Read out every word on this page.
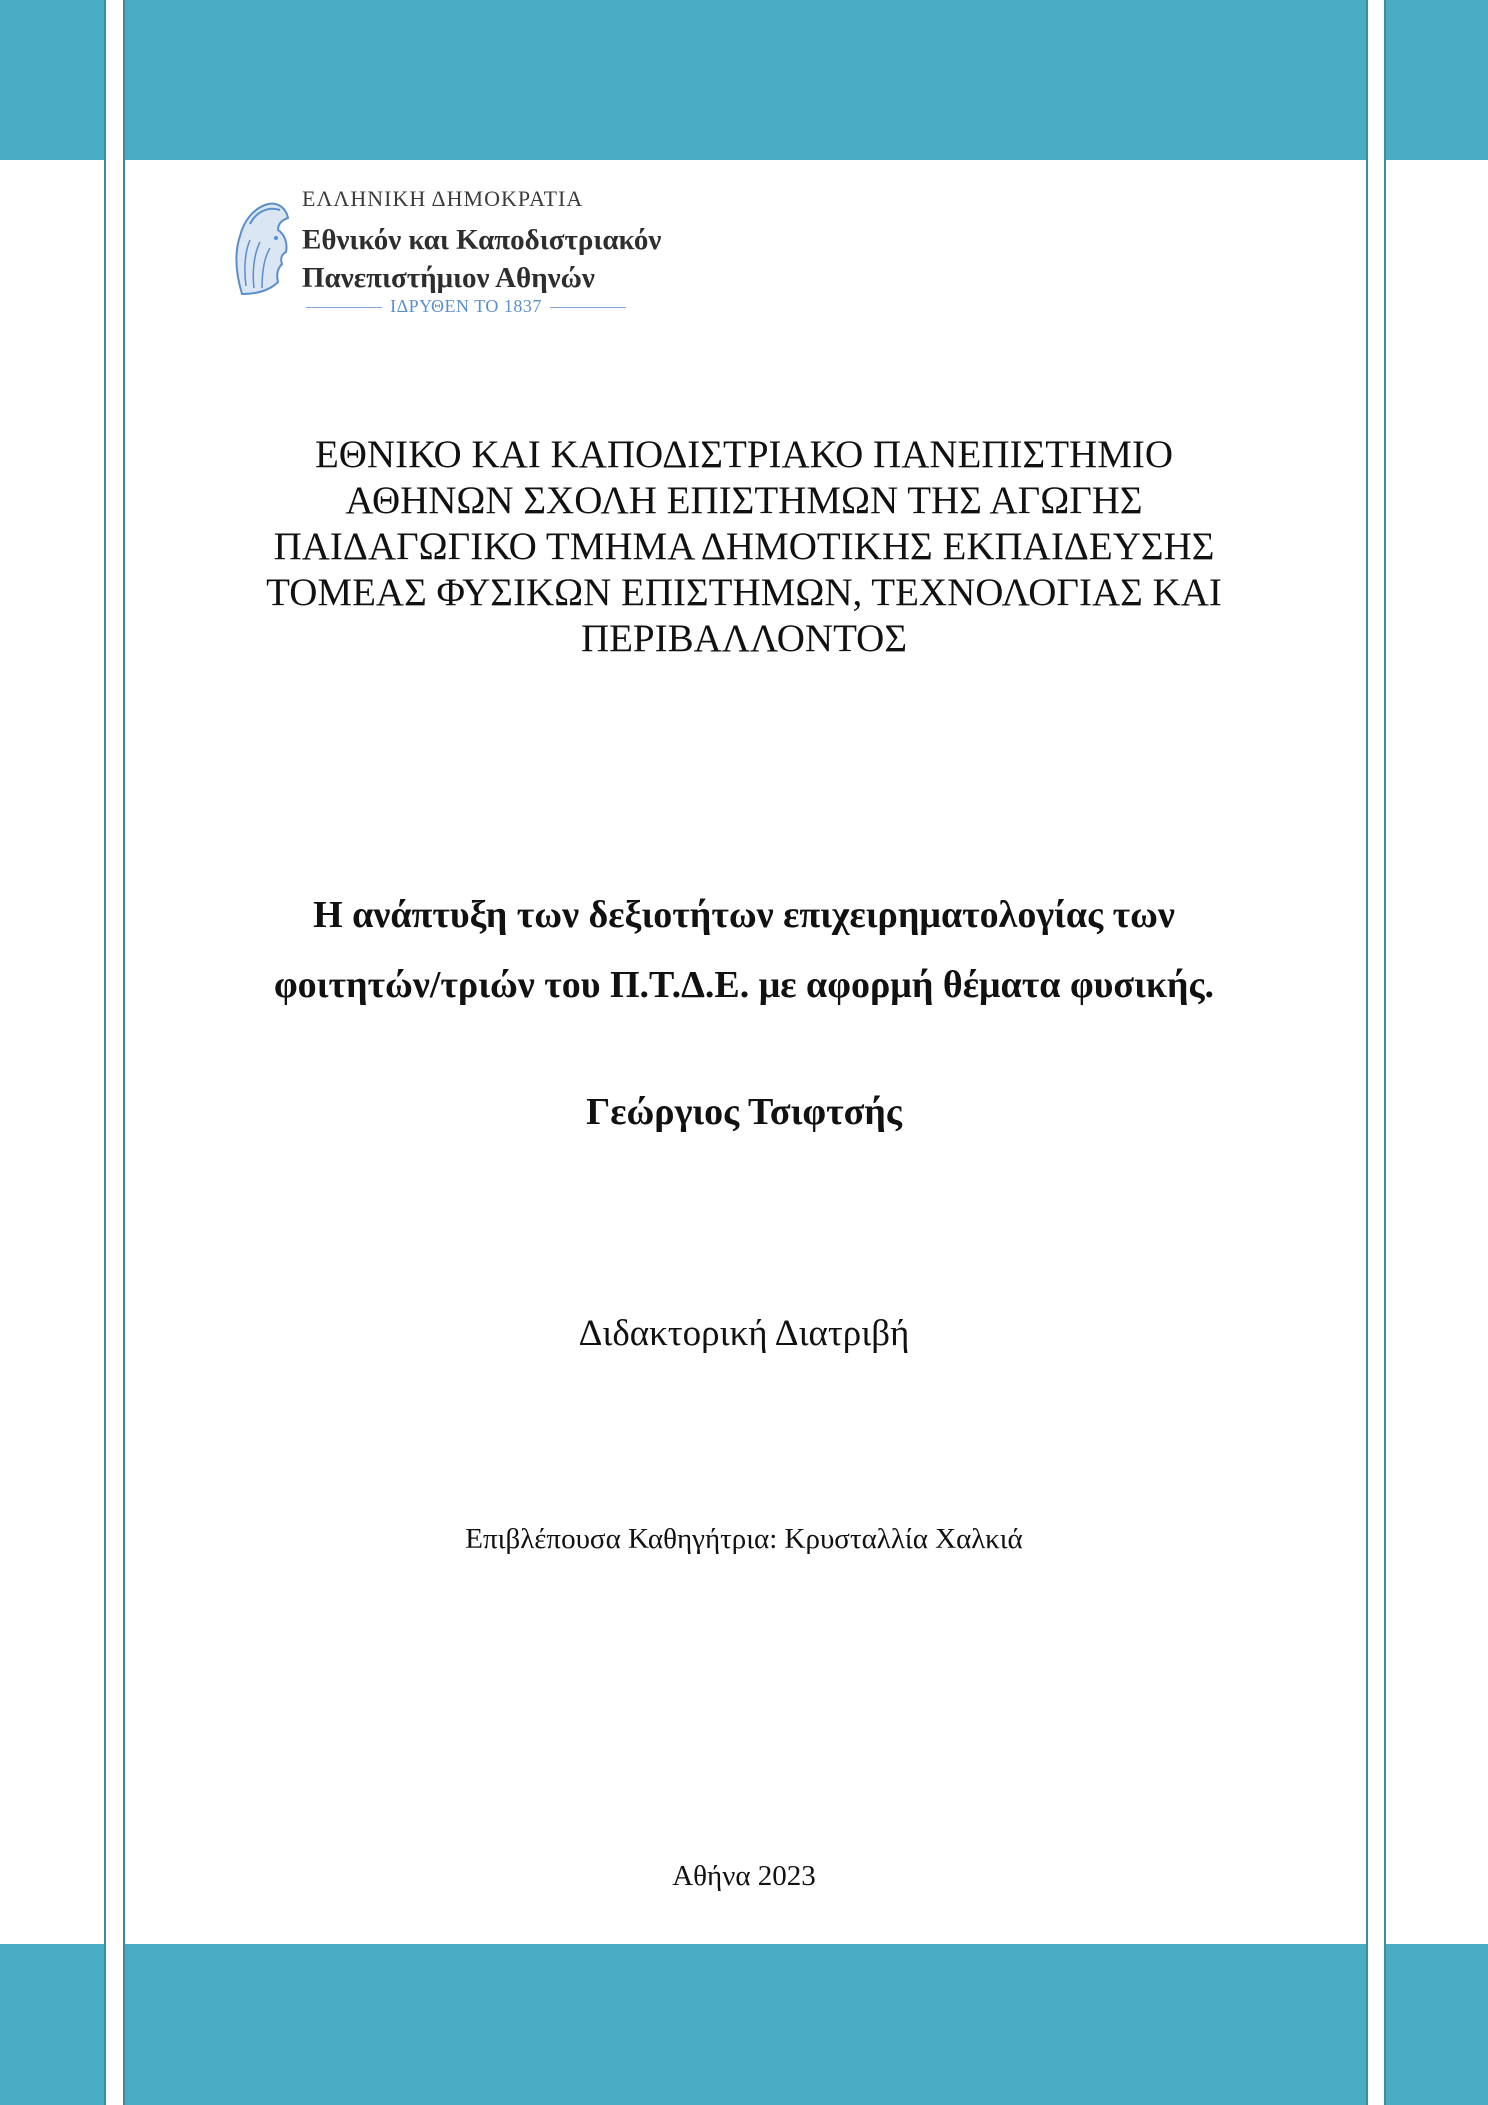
ΕΛΛΗΝΙΚΗ ΔΗΜΟΚΡΑΤΙΑ
Εθνικόν και Καποδιστριακόν
Πανεπιστήμιον Αθηνών
ΙΔΡΥΘΕΝ ΤΟ 1837
ΕΘΝΙΚΟ ΚΑΙ ΚΑΠΟΔΙΣΤΡΙΑΚΟ ΠΑΝΕΠΙΣΤΗΜΙΟ
ΑΘΗΝΩΝ ΣΧΟΛΗ ΕΠΙΣΤΗΜΩΝ ΤΗΣ ΑΓΩΓΗΣ
ΠΑΙΔΑΓΩΓΙΚΟ ΤΜΗΜΑ ΔΗΜΟΤΙΚΗΣ ΕΚΠΑΙΔΕΥΣΗΣ
ΤΟΜΕΑΣ ΦΥΣΙΚΩΝ ΕΠΙΣΤΗΜΩΝ, ΤΕΧΝΟΛΟΓΙΑΣ ΚΑΙ
ΠΕΡΙΒΑΛΛΟΝΤΟΣ
Η ανάπτυξη των δεξιοτήτων επιχειρηματολογίας των
φοιτητών/τριών του Π.Τ.Δ.Ε. με αφορμή θέματα φυσικής.
Γεώργιος Τσιφτσής
Διδακτορική Διατριβή
Επιβλέπουσα Καθηγήτρια: Κρυσταλλία Χαλκιά
Αθήνα 2023
